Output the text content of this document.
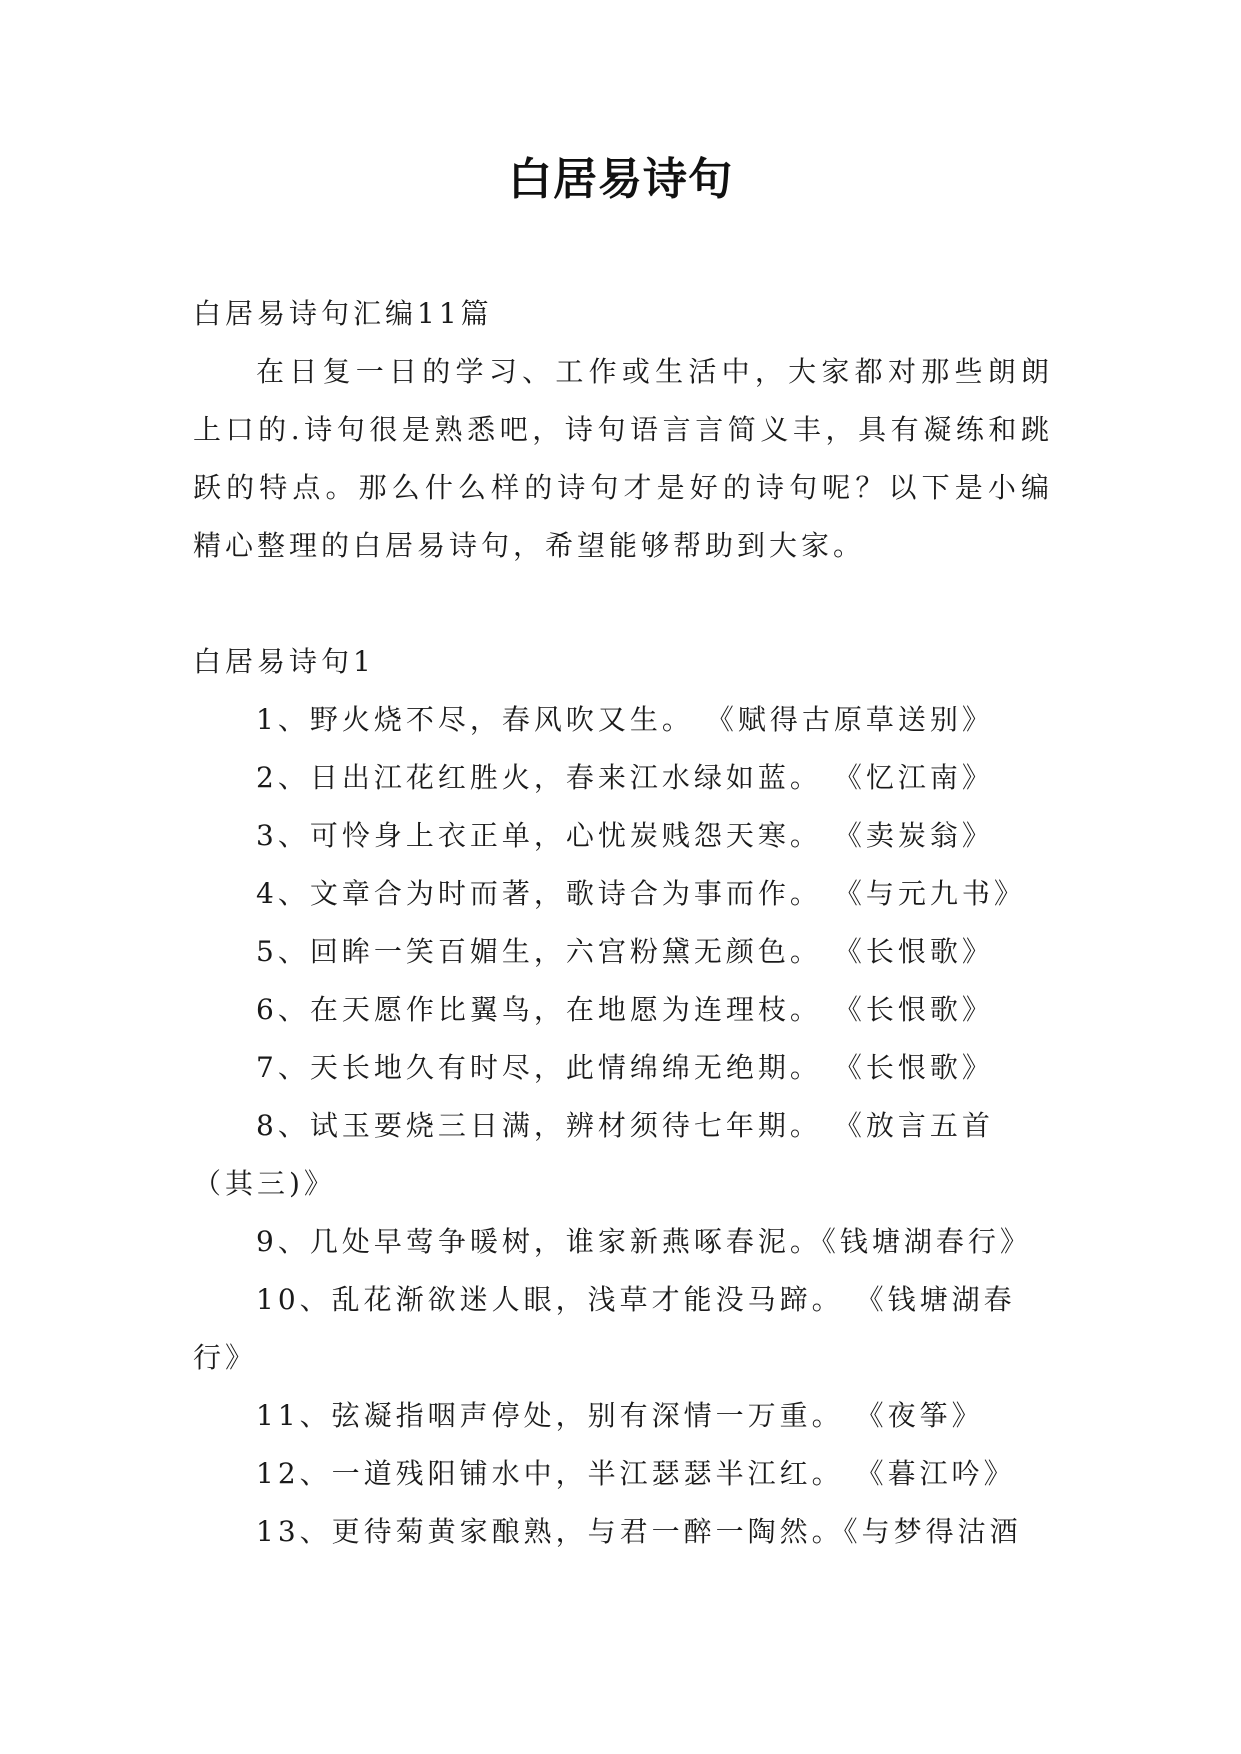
白居易诗句

白居易诗句汇编11篇

在日复一日的学习、工作或生活中，大家都对那些朗朗上口的.诗句很是熟悉吧，诗句语言言简义丰，具有凝练和跳跃的特点。那么什么样的诗句才是好的诗句呢？以下是小编精心整理的白居易诗句，希望能够帮助到大家。

白居易诗句1

1、野火烧不尽，春风吹又生。 《赋得古原草送别》

2、日出江花红胜火，春来江水绿如蓝。 《忆江南》

3、可怜身上衣正单，心忧炭贱怨天寒。 《卖炭翁》

4、文章合为时而著，歌诗合为事而作。 《与元九书》

5、回眸一笑百媚生，六宫粉黛无颜色。 《长恨歌》

6、在天愿作比翼鸟，在地愿为连理枝。 《长恨歌》

7、天长地久有时尽，此情绵绵无绝期。 《长恨歌》

8、试玉要烧三日满，辨材须待七年期。 《放言五首（其三)》

9、几处早莺争暖树，谁家新燕啄春泥。《钱塘湖春行》

10、乱花渐欲迷人眼，浅草才能没马蹄。 《钱塘湖春行》

11、弦凝指咽声停处，别有深情一万重。 《夜筝》

12、一道残阳铺水中，半江瑟瑟半江红。 《暮江吟》

13、更待菊黄家酿熟，与君一醉一陶然。《与梦得沽酒
